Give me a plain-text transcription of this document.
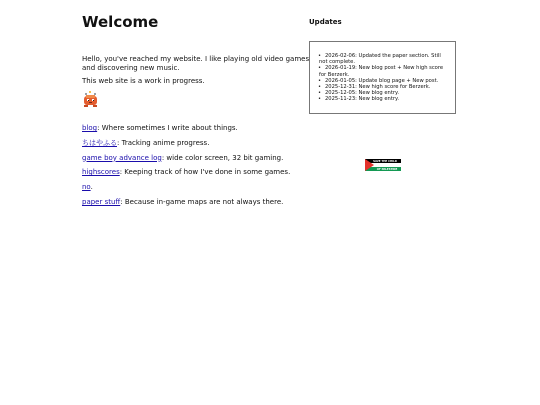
Welcome

Hello, you've reached my website. I like playing old video games and discovering new music.

This web site is a work in progress.

blog: Where sometimes I write about things.
ちはやふる: Tracking anime progress.
game boy advance log: wide color screen, 32 bit gaming.
highscores: Keeping track of how I've done in some games.
no.
paper stuff: Because in-game maps are not always there.
Updates
• 2026-02-06: Updated the paper section. Still not complete.
• 2026-01-19: New blog post + New high score for Berzerk.
• 2026-01-05: Update blog page + New post.
• 2025-12-31: New high score for Berzerk.
• 2025-12-05: New blog entry.
• 2025-11-23: New blog entry.
SAVE THE CHILD
OF PALESTINE
